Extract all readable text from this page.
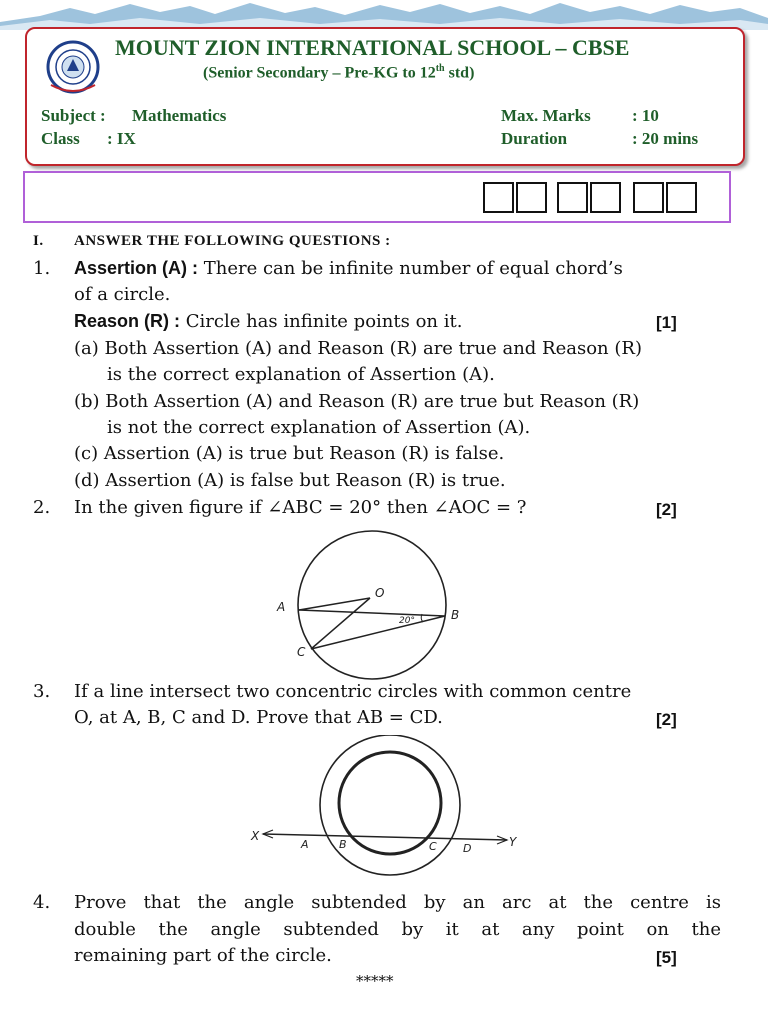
MOUNT ZION INTERNATIONAL SCHOOL – CBSE
(Senior Secondary – Pre-KG to 12th std)
Subject : Mathematics
Class : IX
Max. Marks : 10
Duration	: 20 mins
I. ANSWER THE FOLLOWING QUESTIONS :
1. Assertion (A) : There can be infinite number of equal chord’s
of a circle.
Reason (R) : Circle has infinite points on it.	[1]
(a) Both Assertion (A) and Reason (R) are true and Reason (R)
is the correct explanation of Assertion (A).
(b) Both Assertion (A) and Reason (R) are true but Reason (R)
is not the correct explanation of Assertion (A).
(c) Assertion (A) is true but Reason (R) is false.
(d) Assertion (A) is false but Reason (R) is true.
2. In the given figure if ∠ABC = 20° then ∠AOC = ?	[2]
A
B
C
O
20°
3. If a line intersect two concentric circles with common centre
O, at A, B, C and D. Prove that AB = CD.	[2]
X	Y
A	B	C D
4. Prove that the angle subtended by an arc at the centre is
double the angle subtended by it at any point on the
remaining part of the circle.	[5]
*****
